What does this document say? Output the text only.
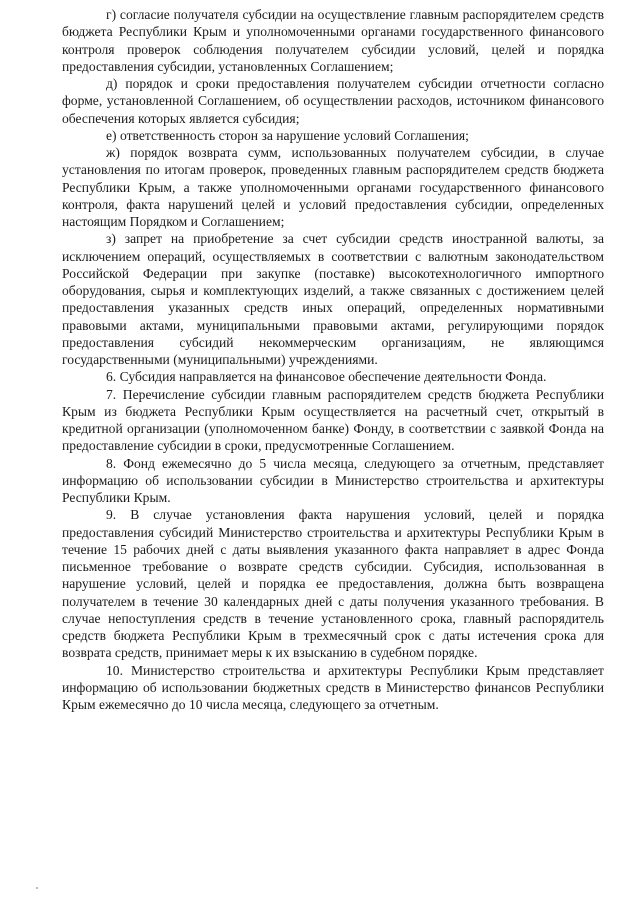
г) согласие получателя субсидии на осуществление главным распорядителем средств бюджета Республики Крым и уполномоченными органами государственного финансового контроля проверок соблюдения получателем субсидии условий, целей и порядка предоставления субсидии, установленных Соглашением;

д) порядок и сроки предоставления получателем субсидии отчетности согласно форме, установленной Соглашением, об осуществлении расходов, источником финансового обеспечения которых является субсидия;

е) ответственность сторон за нарушение условий Соглашения;

ж) порядок возврата сумм, использованных получателем субсидии, в случае установления по итогам проверок, проведенных главным распорядителем средств бюджета Республики Крым, а также уполномоченными органами государственного финансового контроля, факта нарушений целей и условий предоставления субсидии, определенных настоящим Порядком и Соглашением;

з) запрет на приобретение за счет субсидии средств иностранной валюты, за исключением операций, осуществляемых в соответствии с валютным законодательством Российской Федерации при закупке (поставке) высокотехнологичного импортного оборудования, сырья и комплектующих изделий, а также связанных с достижением целей предоставления указанных средств иных операций, определенных нормативными правовыми актами, муниципальными правовыми актами, регулирующими порядок предоставления субсидий некоммерческим организациям, не являющимся государственными (муниципальными) учреждениями.

6. Субсидия направляется на финансовое обеспечение деятельности Фонда.

7. Перечисление субсидии главным распорядителем средств бюджета Республики Крым из бюджета Республики Крым осуществляется на расчетный счет, открытый в кредитной организации (уполномоченном банке) Фонду, в соответствии с заявкой Фонда на предоставление субсидии в сроки, предусмотренные Соглашением.

8. Фонд ежемесячно до 5 числа месяца, следующего за отчетным, представляет информацию об использовании субсидии в Министерство строительства и архитектуры Республики Крым.

9. В случае установления факта нарушения условий, целей и порядка предоставления субсидий Министерство строительства и архитектуры Республики Крым в течение 15 рабочих дней с даты выявления указанного факта направляет в адрес Фонда письменное требование о возврате средств субсидии. Субсидия, использованная в нарушение условий, целей и порядка ее предоставления, должна быть возвращена получателем в течение 30 календарных дней с даты получения указанного требования. В случае непоступления средств в течение установленного срока, главный распорядитель средств бюджета Республики Крым в трехмесячный срок с даты истечения срока для возврата средств, принимает меры к их взысканию в судебном порядке.

10. Министерство строительства и архитектуры Республики Крым представляет информацию об использовании бюджетных средств в Министерство финансов Республики Крым ежемесячно до 10 числа месяца, следующего за отчетным.
